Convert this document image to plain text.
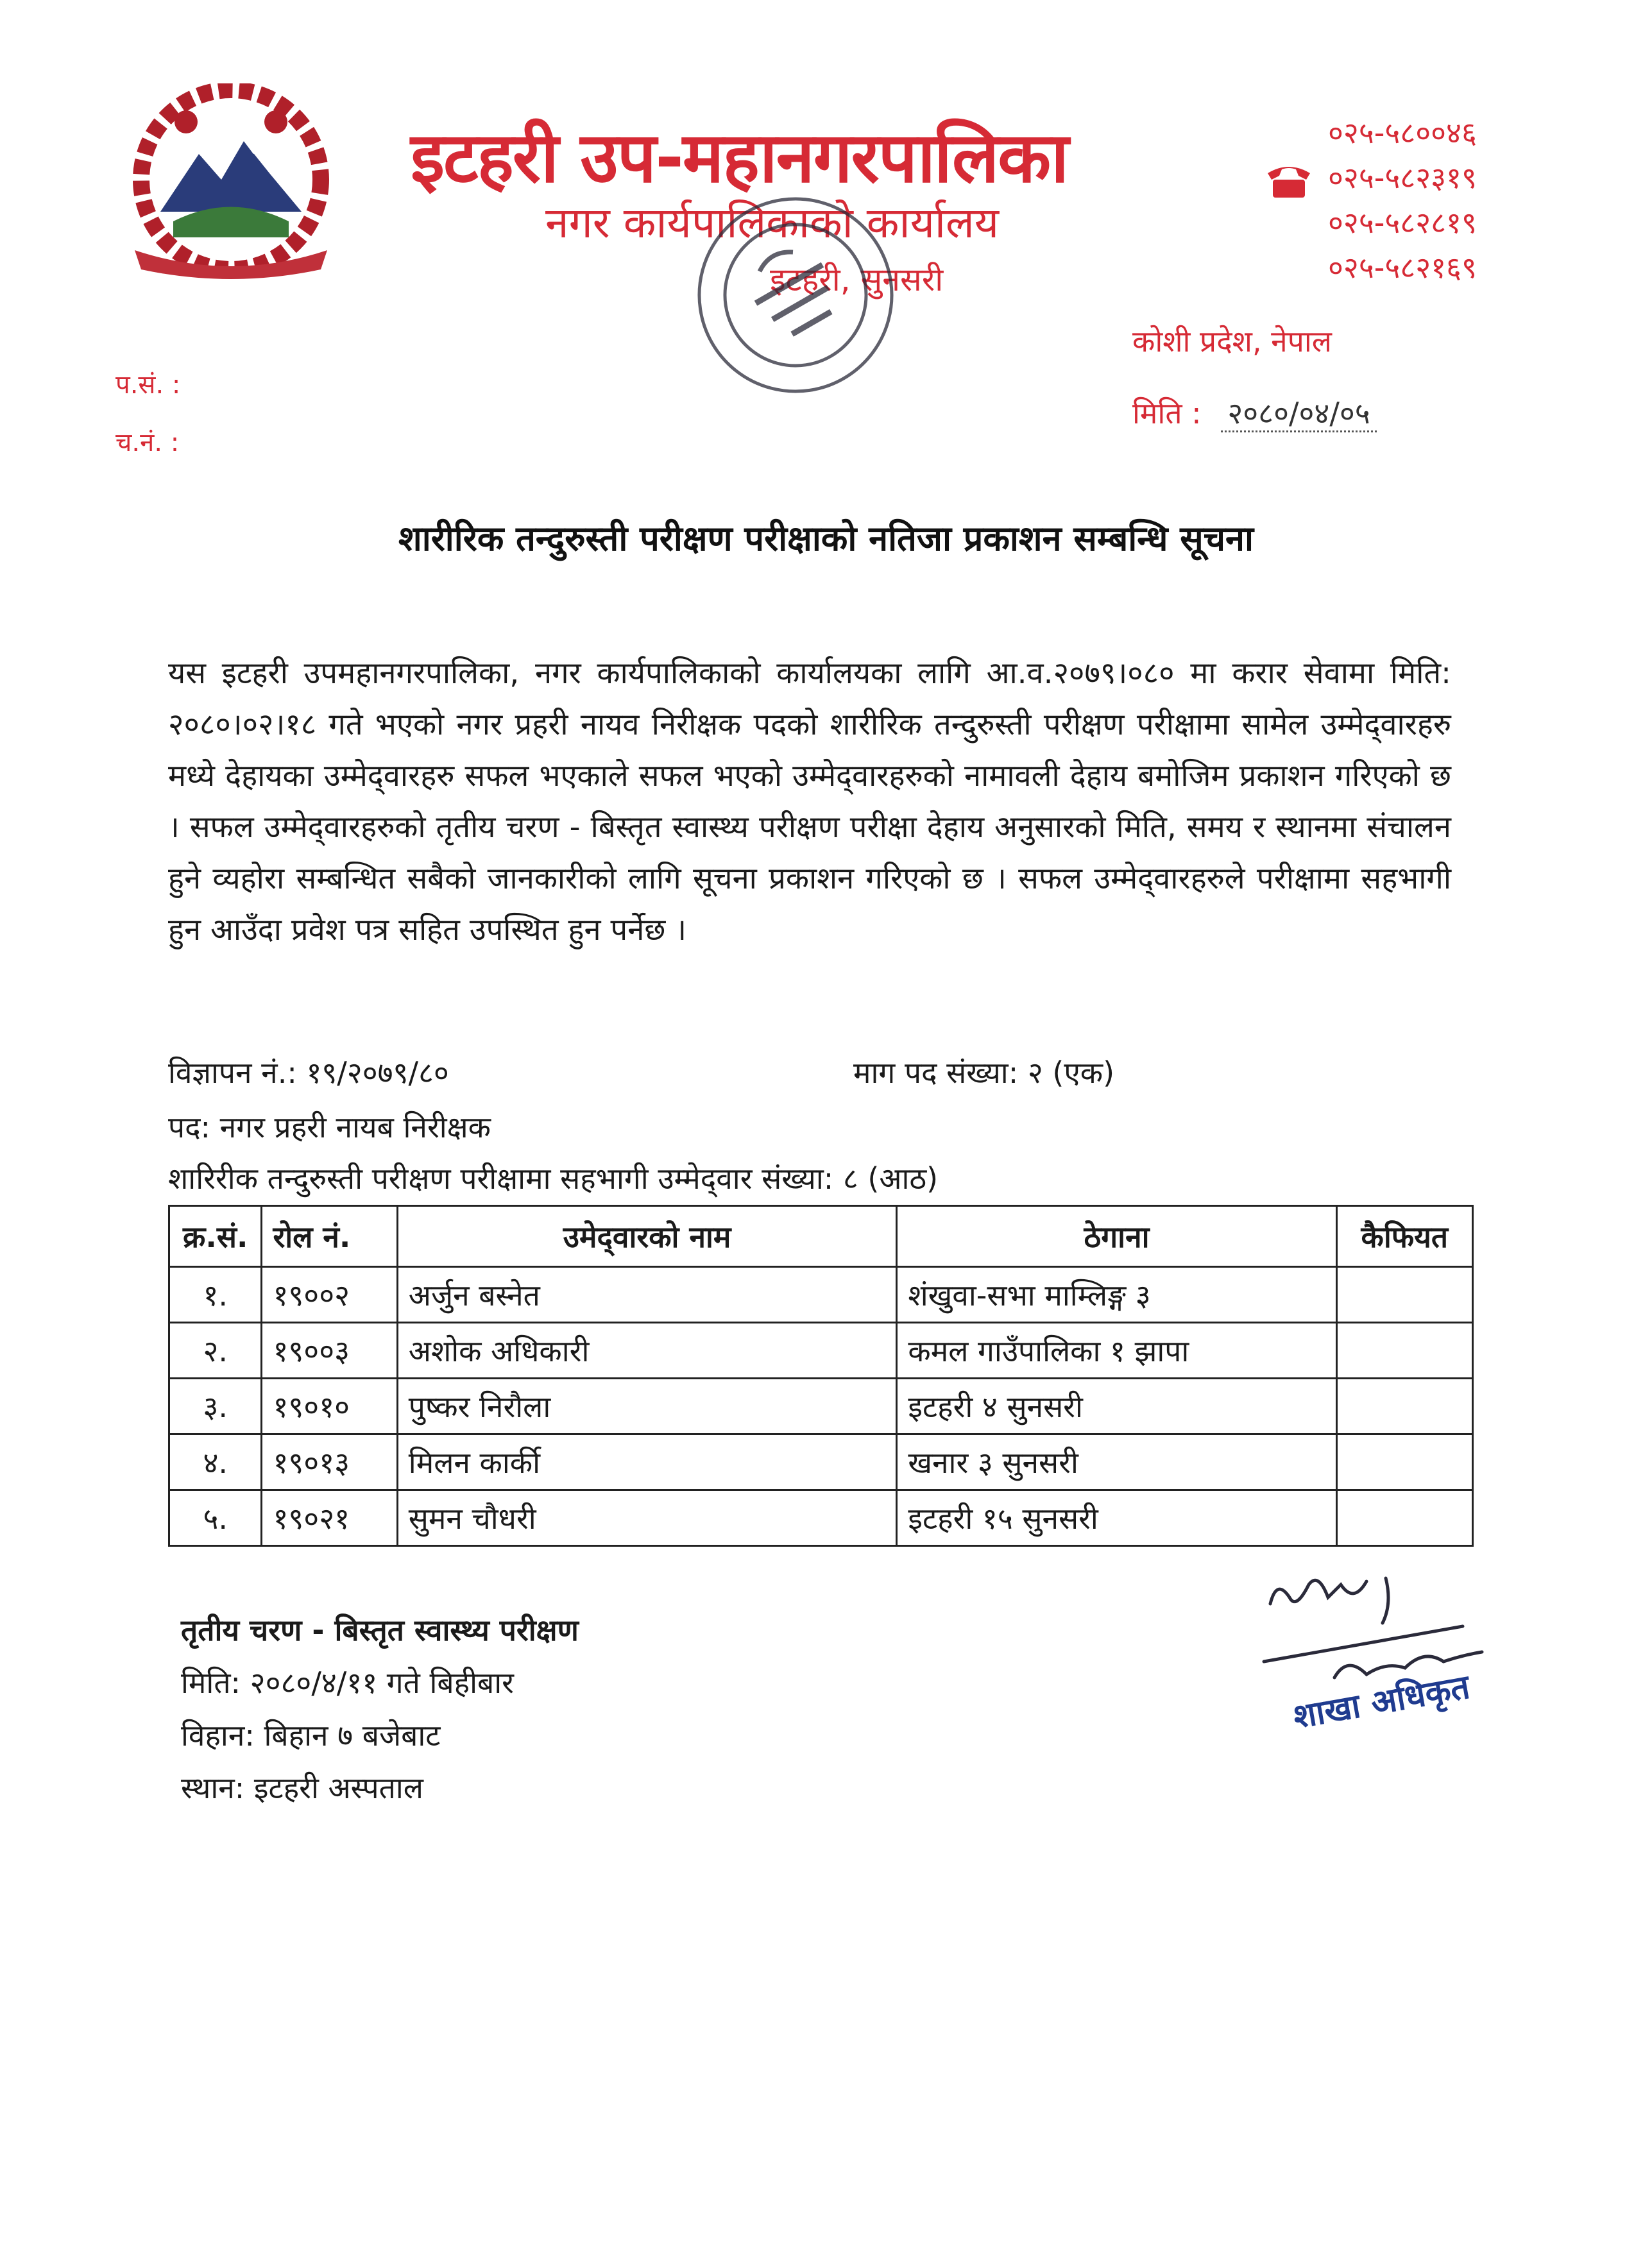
इटहरी उप-महानगरपालिका
नगर कार्यपालिकाको कार्यालय
इटहरी, सुनसरी
०२५-५८००४६
०२५-५८२३१९
०२५-५८२८१९
०२५-५८२१६९
कोशी प्रदेश, नेपाल
मिति : २०८०/०४/०५
प.सं. :
च.नं. :
शारीरिक तन्दुरुस्ती परीक्षण परीक्षाको नतिजा प्रकाशन सम्बन्धि सूचना
यस इटहरी उपमहानगरपालिका, नगर कार्यपालिकाको कार्यालयका लागि आ.व.२०७९।०८० मा करार सेवामा मिति: २०८०।०२।१८ गते भएको नगर प्रहरी नायव निरीक्षक पदको शारीरिक तन्दुरुस्ती परीक्षण परीक्षामा सामेल उम्मेद्‌वारहरु मध्ये देहायका उम्मेद्‌वारहरु सफल भएकाले सफल भएको उम्मेद्‌वारहरुको नामावली देहाय बमोजिम प्रकाशन गरिएको छ । सफल उम्मेद्‌वारहरुको तृतीय चरण - बिस्तृत स्वास्थ्य परीक्षण परीक्षा देहाय अनुसारको मिति, समय र स्थानमा संचालन हुने व्यहोरा सम्बन्धित सबैको जानकारीको लागि सूचना प्रकाशन गरिएको छ । सफल उम्मेद्‌वारहरुले परीक्षामा सहभागी हुन आउँदा प्रवेश पत्र सहित उपस्थित हुन पर्नेछ ।
विज्ञापन नं.: १९/२०७९/८०	माग पद संख्या: २ (एक)
पद: नगर प्रहरी नायब निरीक्षक
शारिरीक तन्दुरुस्ती परीक्षण परीक्षामा सहभागी उम्मेद्‌वार संख्या: ८ (आठ)
क्र.सं.	रोल नं.	उमेद्‌वारको नाम	ठेगाना	कैफियत
१.	१९००२	अर्जुन बस्नेत	शंखुवा-सभा माम्लिङ्ग ३	
२.	१९००३	अशोक अधिकारी	कमल गाउँपालिका १ झापा	
३.	१९०१०	पुष्कर निरौला	इटहरी ४ सुनसरी	
४.	१९०१३	मिलन कार्की	खनार ३ सुनसरी	
५.	१९०२१	सुमन चौधरी	इटहरी १५ सुनसरी	
तृतीय चरण - बिस्तृत स्वास्थ्य परीक्षण
मिति: २०८०/४/११ गते बिहीबार
विहान: बिहान ७ बजेबाट
स्थान: इटहरी अस्पताल
शाखा अधिकृत
